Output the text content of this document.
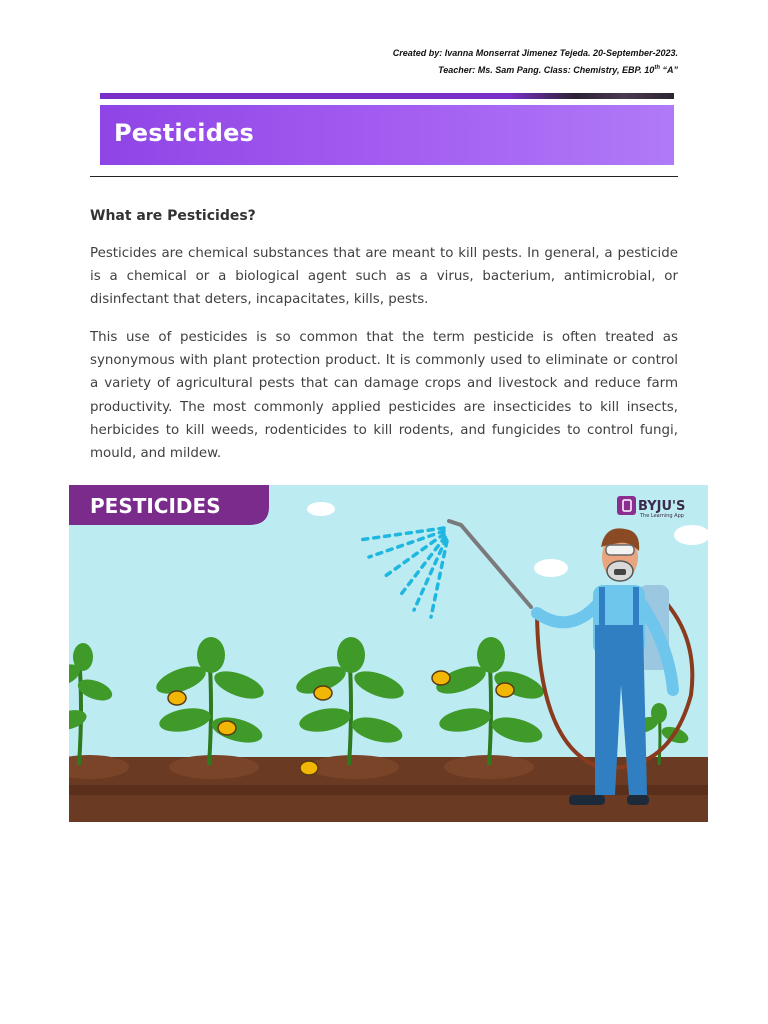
Created by: Ivanna Monserrat Jimenez Tejeda. 20-September-2023.
Teacher: Ms. Sam Pang. Class: Chemistry, EBP. 10th “A”
Pesticides
What are Pesticides?

Pesticides are chemical substances that are meant to kill pests. In general, a pesticide is a chemical or a biological agent such as a virus, bacterium, antimicrobial, or disinfectant that deters, incapacitates, kills, pests.

This use of pesticides is so common that the term pesticide is often treated as synonymous with plant protection product. It is commonly used to eliminate or control a variety of agricultural pests that can damage crops and livestock and reduce farm productivity. The most commonly applied pesticides are insecticides to kill insects, herbicides to kill weeds, rodenticides to kill rodents, and fungicides to control fungi, mould, and mildew.

PESTICIDES	BYJU'S
The Learning App
